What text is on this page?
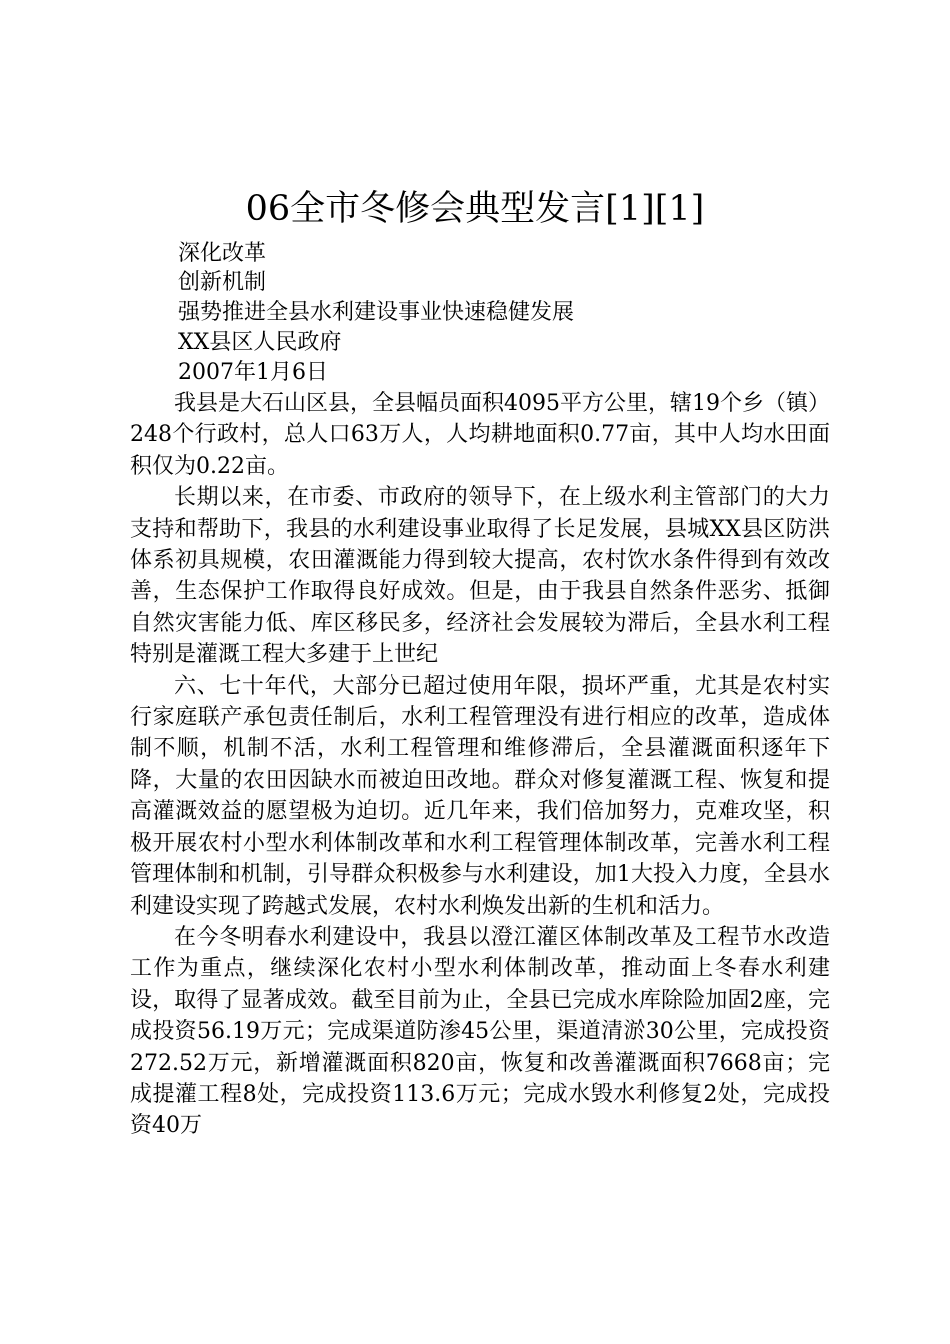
06全市冬修会典型发言[1][1]
深化改革
创新机制
强势推进全县水利建设事业快速稳健发展
XX县区人民政府
2007年1月6日

我县是大石山区县，全县幅员面积4095平方公里，辖19个乡（镇）248个行政村，总人口63万人，人均耕地面积0.77亩，其中人均水田面积仅为0.22亩。

长期以来，在市委、市政府的领导下，在上级水利主管部门的大力支持和帮助下，我县的水利建设事业取得了长足发展，县城XX县区防洪体系初具规模，农田灌溉能力得到较大提高，农村饮水条件得到有效改善，生态保护工作取得良好成效。但是，由于我县自然条件恶劣、抵御自然灾害能力低、库区移民多，经济社会发展较为滞后，全县水利工程特别是灌溉工程大多建于上世纪

六、七十年代，大部分已超过使用年限，损坏严重，尤其是农村实行家庭联产承包责任制后，水利工程管理没有进行相应的改革，造成体制不顺，机制不活，水利工程管理和维修滞后，全县灌溉面积逐年下降，大量的农田因缺水而被迫田改地。群众对修复灌溉工程、恢复和提高灌溉效益的愿望极为迫切。近几年来，我们倍加努力，克难攻坚，积极开展农村小型水利体制改革和水利工程管理体制改革，完善水利工程管理体制和机制，引导群众积极参与水利建设，加1大投入力度，全县水利建设实现了跨越式发展，农村水利焕发出新的生机和活力。

在今冬明春水利建设中，我县以澄江灌区体制改革及工程节水改造工作为重点，继续深化农村小型水利体制改革，推动面上冬春水利建设，取得了显著成效。截至目前为止，全县已完成水库除险加固2座，完成投资56.19万元；完成渠道防渗45公里，渠道清淤30公里，完成投资272.52万元，新增灌溉面积820亩，恢复和改善灌溉面积7668亩；完成提灌工程8处，完成投资113.6万元；完成水毁水利修复2处，完成投资40万
